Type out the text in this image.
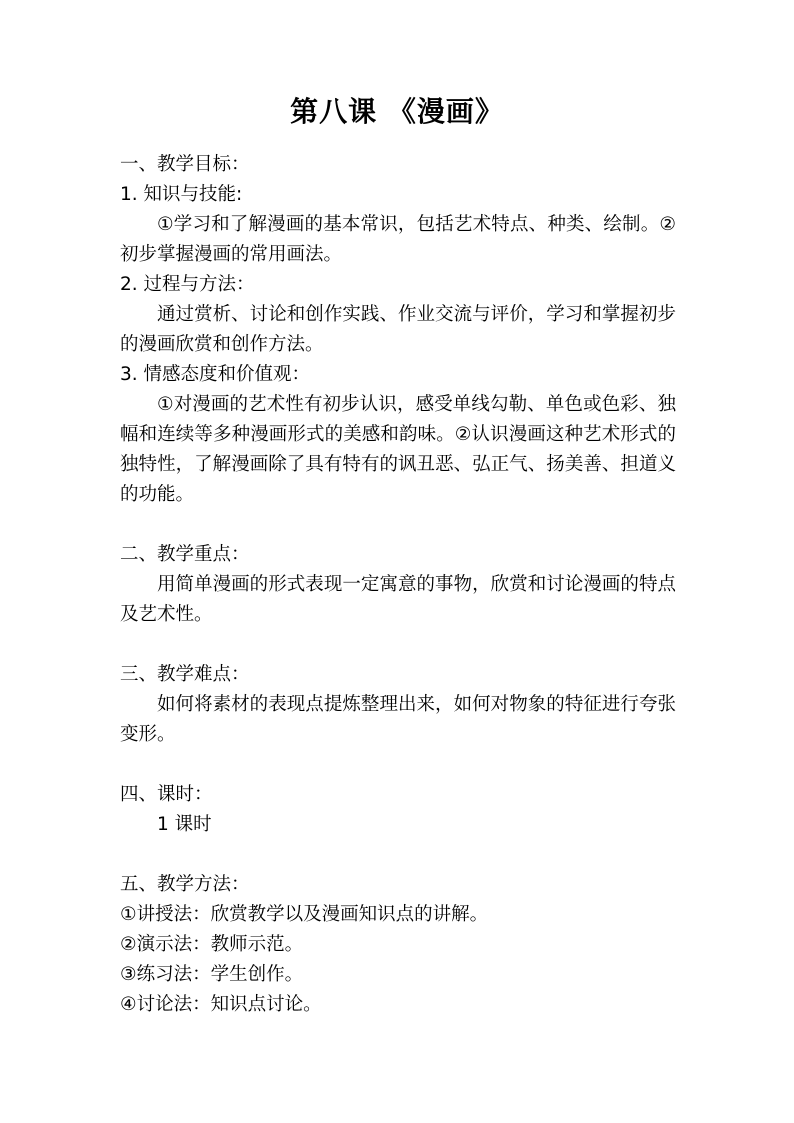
第八课 《漫画》
一、教学目标：
1. 知识与技能:

①学习和了解漫画的基本常识，包括艺术特点、种类、绘制。②初步掌握漫画的常用画法。

2. 过程与方法：

通过赏析、讨论和创作实践、作业交流与评价，学习和掌握初步的漫画欣赏和创作方法。

3. 情感态度和价值观：

①对漫画的艺术性有初步认识，感受单线勾勒、单色或色彩、独幅和连续等多种漫画形式的美感和韵味。②认识漫画这种艺术形式的独特性，了解漫画除了具有特有的讽丑恶、弘正气、扬美善、担道义的功能。

二、教学重点：

用简单漫画的形式表现一定寓意的事物，欣赏和讨论漫画的特点及艺术性。

三、教学难点：

如何将素材的表现点提炼整理出来，如何对物象的特征进行夸张变形。

四、课时：
1 课时
五、教学方法：
①讲授法：欣赏教学以及漫画知识点的讲解。
②演示法：教师示范。
③练习法：学生创作。
④讨论法：知识点讨论。
